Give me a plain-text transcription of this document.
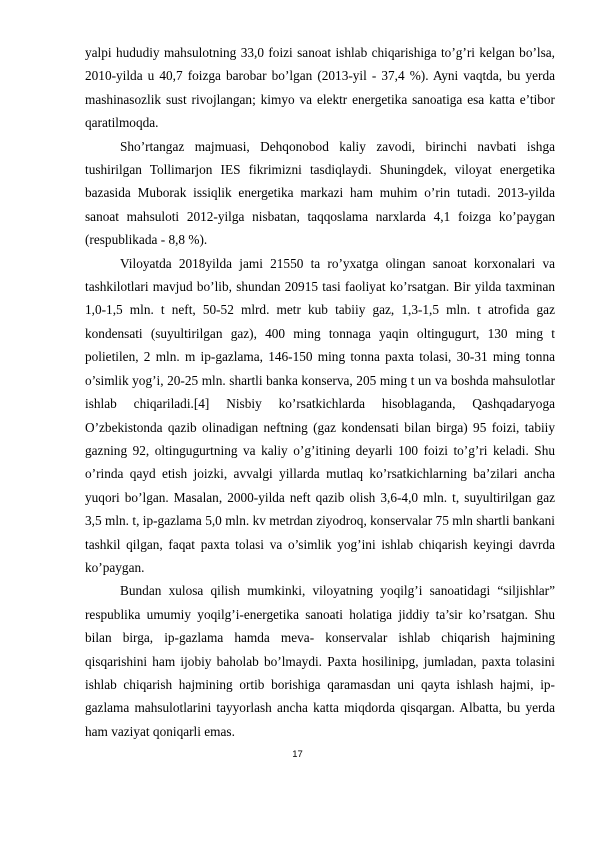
yalpi hududiy mahsulotning 33,0 foizi sanoat ishlab chiqarishiga to’g’ri kelgan bo’lsa, 2010-yilda u 40,7 foizga barobar bo’lgan (2013-yil - 37,4 %). Ayni vaqtda, bu yerda mashinasozlik sust rivojlangan; kimyo va elektr energetika sanoatiga esa katta e’tibor qaratilmoqda.

Sho’rtangaz majmuasi, Dehqonobod kaliy zavodi, birinchi navbati ishga tushirilgan Tollimarjon IES fikrimizni tasdiqlaydi. Shuningdek, viloyat energetika bazasida Muborak issiqlik energetika markazi ham muhim o’rin tutadi. 2013-yilda sanoat mahsuloti 2012-yilga nisbatan, taqqoslama narxlarda 4,1 foizga ko’paygan (respublikada - 8,8 %).

Viloyatda 2018yilda jami 21550 ta ro’yxatga olingan sanoat korxonalari va tashkilotlari mavjud bo’lib, shundan 20915 tasi faoliyat ko’rsatgan. Bir yilda taxminan 1,0-1,5 mln. t neft, 50-52 mlrd. metr kub tabiiy gaz, 1,3-1,5 mln. t atrofida gaz kondensati (suyultirilgan gaz), 400 ming tonnaga yaqin oltingugurt, 130 ming t polietilen, 2 mln. m ip-gazlama, 146-150 ming tonna paxta tolasi, 30-31 ming tonna o’simlik yog’i, 20-25 mln. shartli banka konserva, 205 ming t un va boshda mahsulotlar ishlab chiqariladi.[4] Nisbiy ko’rsatkichlarda hisoblaganda, Qashqadaryoga O’zbekistonda qazib olinadigan neftning (gaz kondensati bilan birga) 95 foizi, tabiiy gazning 92, oltingugurtning va kaliy o’g’itining deyarli 100 foizi to’g’ri keladi. Shu o’rinda qayd etish joizki, avvalgi yillarda mutlaq ko’rsatkichlarning ba’zilari ancha yuqori bo’lgan. Masalan, 2000-yilda neft qazib olish 3,6-4,0 mln. t, suyultirilgan gaz 3,5 mln. t, ip-gazlama 5,0 mln. kv metrdan ziyodroq, konservalar 75 mln shartli bankani tashkil qilgan, faqat paxta tolasi va o’simlik yog’ini ishlab chiqarish keyingi davrda ko’paygan.

Bundan xulosa qilish mumkinki, viloyatning yoqilg’i sanoatidagi “siljishlar” respublika umumiy yoqilg’i-energetika sanoati holatiga jiddiy ta’sir ko’rsatgan. Shu bilan birga, ip-gazlama hamda meva- konservalar ishlab chiqarish hajmining qisqarishini ham ijobiy baholab bo’lmaydi. Paxta hosilinipg, jumladan, paxta tolasini ishlab chiqarish hajmining ortib borishiga qaramasdan uni qayta ishlash hajmi, ip-gazlama mahsulotlarini tayyorlash ancha katta miqdorda qisqargan. Albatta, bu yerda ham vaziyat qoniqarli emas.

17
